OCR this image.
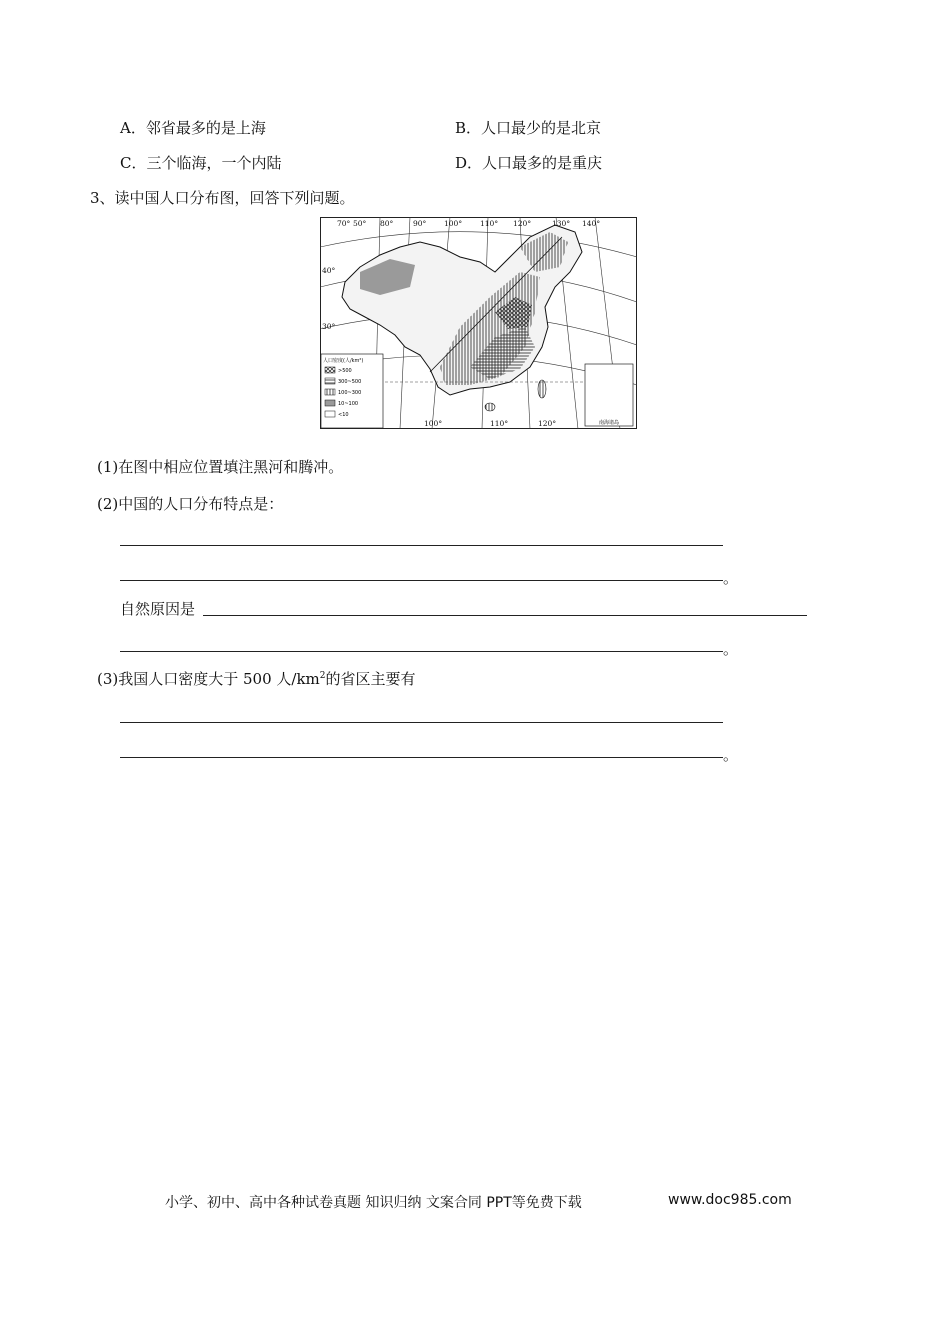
A．邻省最多的是上海	B．人口最少的是北京
C．三个临海，一个内陆	D．人口最多的是重庆
3、读中国人口分布图，回答下列问题。
南海诸岛
人口密度(人/km²)
>500
300~500
100~300
10~100
<10
70° 50° 80°	90° 100° 110° 120°	130° 140°
100°	110°	120°
40°
30°
(1)在图中相应位置填注黑河和腾冲。
(2)中国的人口分布特点是：
。
自然原因是
。
(3)我国人口密度大于 500 人$/km^2$的省区主要有
。
小学、初中、高中各种试卷真题 知识归纳 文案合同 PPT等免费下载	www.doc985.com
